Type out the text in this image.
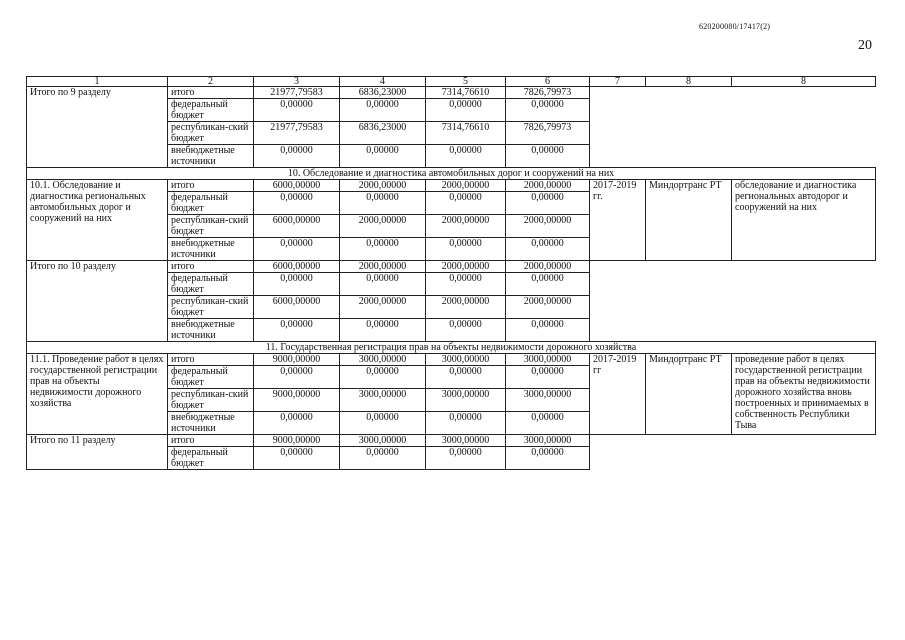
620200080/17417(2)
20
1	2	3	4	5	6	7	8	8
Итого по 9 разделу	итого	21977,79583	6836,23000	7314,76610	7826,79973			
	федеральный бюджет	0,00000	0,00000	0,00000	0,00000			
	республикан-ский бюджет	21977,79583	6836,23000	7314,76610	7826,79973			
	внебюджетные источники	0,00000	0,00000	0,00000	0,00000			
10. Обследование и диагностика автомобильных дорог и сооружений на них								
10.1. Обследование и диагностика региональных автомобильных дорог и сооружений на них	итого	6000,00000	2000,00000	2000,00000	2000,00000	2017-2019 гг.	Миндортранс РТ	обследование и диагностика региональных автодорог и сооружений на них
	федеральный бюджет	0,00000	0,00000	0,00000	0,00000			
	республикан-ский бюджет	6000,00000	2000,00000	2000,00000	2000,00000			
	внебюджетные источники	0,00000	0,00000	0,00000	0,00000			
Итого по 10 разделу	итого	6000,00000	2000,00000	2000,00000	2000,00000			
	федеральный бюджет	0,00000	0,00000	0,00000	0,00000			
	республикан-ский бюджет	6000,00000	2000,00000	2000,00000	2000,00000			
	внебюджетные источники	0,00000	0,00000	0,00000	0,00000			
11. Государственная регистрация прав на объекты недвижимости дорожного хозяйства								
11.1. Проведение работ в целях государственной регистрации прав на объекты недвижимости дорожного хозяйства	итого	9000,00000	3000,00000	3000,00000	3000,00000	2017-2019 гг	Миндортранс РТ	проведение работ в целях государственной регистрации прав на объекты недвижимости дорожного хозяйства вновь построенных и принимаемых в собственность Республики Тыва
	федеральный бюджет	0,00000	0,00000	0,00000	0,00000			
	республикан-ский бюджет	9000,00000	3000,00000	3000,00000	3000,00000			
	внебюджетные источники	0,00000	0,00000	0,00000	0,00000			
Итого по 11 разделу	итого	9000,00000	3000,00000	3000,00000	3000,00000			
	федеральный бюджет	0,00000	0,00000	0,00000	0,00000			
